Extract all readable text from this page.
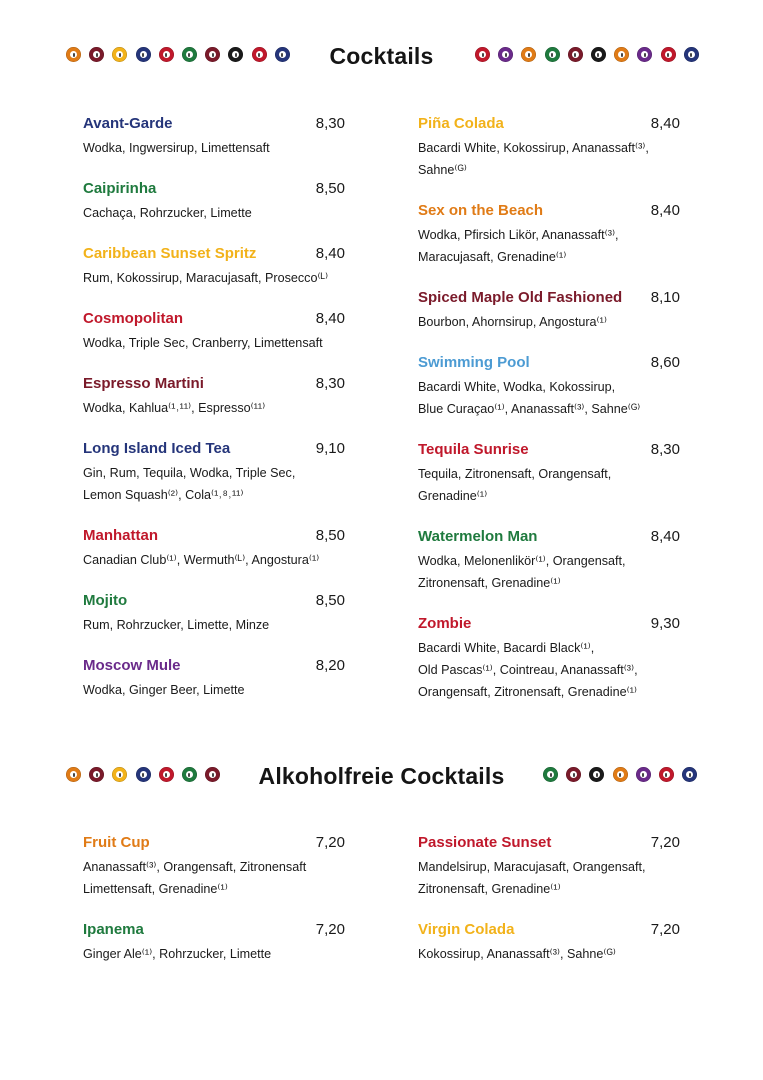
Cocktails
Avant-Garde	8,30
Wodka, Ingwersirup, Limettensaft
Caipirinha	8,50
Cachaça, Rohrzucker, Limette
Caribbean Sunset Spritz	8,40
Rum, Kokossirup, Maracujasaft, Prosecco⁽ᴸ⁾
Cosmopolitan	8,40
Wodka, Triple Sec, Cranberry, Limettensaft
Espresso Martini	8,30
Wodka, Kahlua⁽¹˒¹¹⁾, Espresso⁽¹¹⁾
Long Island Iced Tea	9,10
Gin, Rum, Tequila, Wodka, Triple Sec,
Lemon Squash⁽²⁾, Cola⁽¹˒⁸˒¹¹⁾
Manhattan	8,50
Canadian Club⁽¹⁾, Wermuth⁽ᴸ⁾, Angostura⁽¹⁾
Mojito	8,50
Rum, Rohrzucker, Limette, Minze
Moscow Mule	8,20
Wodka, Ginger Beer, Limette
Piña Colada	8,40
Bacardi White, Kokossirup, Ananassaft⁽³⁾,
Sahne⁽ᴳ⁾
Sex on the Beach	8,40
Wodka, Pfirsich Likör, Ananassaft⁽³⁾,
Maracujasaft, Grenadine⁽¹⁾
Spiced Maple Old Fashioned 8,10
Bourbon, Ahornsirup, Angostura⁽¹⁾
Swimming Pool	8,60
Bacardi White, Wodka, Kokossirup,
Blue Curaçao⁽¹⁾, Ananassaft⁽³⁾, Sahne⁽ᴳ⁾
Tequila Sunrise	8,30
Tequila, Zitronensaft, Orangensaft,
Grenadine⁽¹⁾
Watermelon Man	8,40
Wodka, Melonenlikör⁽¹⁾, Orangensaft,
Zitronensaft, Grenadine⁽¹⁾
Zombie	9,30
Bacardi White, Bacardi Black⁽¹⁾,
Old Pascas⁽¹⁾, Cointreau, Ananassaft⁽³⁾,
Orangensaft, Zitronensaft, Grenadine⁽¹⁾
Alkoholfreie Cocktails
Fruit Cup	7,20
Ananassaft⁽³⁾, Orangensaft, Zitronensaft
Limettensaft, Grenadine⁽¹⁾
Ipanema	7,20
Ginger Ale⁽¹⁾, Rohrzucker, Limette
Passionate Sunset	7,20
Mandelsirup, Maracujasaft, Orangensaft,
Zitronensaft, Grenadine⁽¹⁾
Virgin Colada	7,20
Kokossirup, Ananassaft⁽³⁾, Sahne⁽ᴳ⁾
